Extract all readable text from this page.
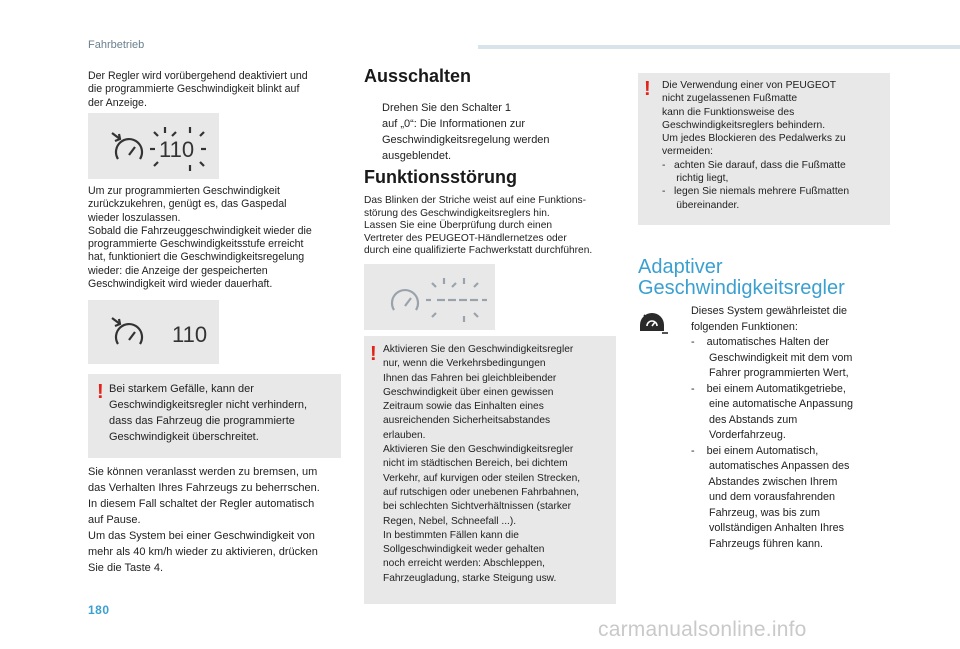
Fahrbetrieb
Der Regler wird vorübergehend deaktiviert und
die programmierte Geschwindigkeit blinkt auf
der Anzeige.
110
Um zur programmierten Geschwindigkeit
zurückzukehren, genügt es, das Gaspedal
wieder loszulassen.
Sobald die Fahrzeuggeschwindigkeit wieder die
programmierte Geschwindigkeitsstufe erreicht
hat, funktioniert die Geschwindigkeitsregelung
wieder: die Anzeige der gespeicherten
Geschwindigkeit wird wieder dauerhaft.
110
! Bei starkem Gefälle, kann der
Geschwindigkeitsregler nicht verhindern,
dass das Fahrzeug die programmierte
Geschwindigkeit überschreitet.
Sie können veranlasst werden zu bremsen, um
das Verhalten Ihres Fahrzeugs zu beherrschen.
In diesem Fall schaltet der Regler automatisch
auf Pause.
Um das System bei einer Geschwindigkeit von
mehr als 40 km/h wieder zu aktivieren, drücken
Sie die Taste 4.
Ausschalten
Drehen Sie den Schalter 1
auf „0“: Die Informationen zur
Geschwindigkeitsregelung werden
ausgeblendet.
Funktionsstörung
Das Blinken der Striche weist auf eine Funktions-
störung des Geschwindigkeitsreglers hin.
Lassen Sie eine Überprüfung durch einen
Vertreter des PEUGEOT-Händlernetzes oder
durch eine qualifizierte Fachwerkstatt durchführen.
----
! Aktivieren Sie den Geschwindigkeitsregler
nur, wenn die Verkehrsbedingungen
Ihnen das Fahren bei gleichbleibender
Geschwindigkeit über einen gewissen
Zeitraum sowie das Einhalten eines
ausreichenden Sicherheitsabstandes
erlauben.
Aktivieren Sie den Geschwindigkeitsregler
nicht im städtischen Bereich, bei dichtem
Verkehr, auf kurvigen oder steilen Strecken,
auf rutschigen oder unebenen Fahrbahnen,
bei schlechten Sichtverhältnissen (starker
Regen, Nebel, Schneefall ...).
In bestimmten Fällen kann die
Sollgeschwindigkeit weder gehalten
noch erreicht werden: Abschleppen,
Fahrzeugladung, starke Steigung usw.
! Die Verwendung einer von PEUGEOT
nicht zugelassenen Fußmatte
kann die Funktionsweise des
Geschwindigkeitsreglers behindern.
Um jedes Blockieren des Pedalwerks zu
vermeiden:
-   achten Sie darauf, dass die Fußmatte
richtig liegt,
-   legen Sie niemals mehrere Fußmatten
übereinander.
Adaptiver
Geschwindigkeitsregler
Dieses System gewährleistet die
folgenden Funktionen:
-    automatisches Halten der
Geschwindigkeit mit dem vom
Fahrer programmierten Wert,
-    bei einem Automatikgetriebe,
eine automatische Anpassung
des Abstands zum
Vorderfahrzeug.
-    bei einem Automatisch,
automatisches Anpassen des
Abstandes zwischen Ihrem
und dem vorausfahrenden
Fahrzeug, was bis zum
vollständigen Anhalten Ihres
Fahrzeugs führen kann.
180
carmanualsonline.info
